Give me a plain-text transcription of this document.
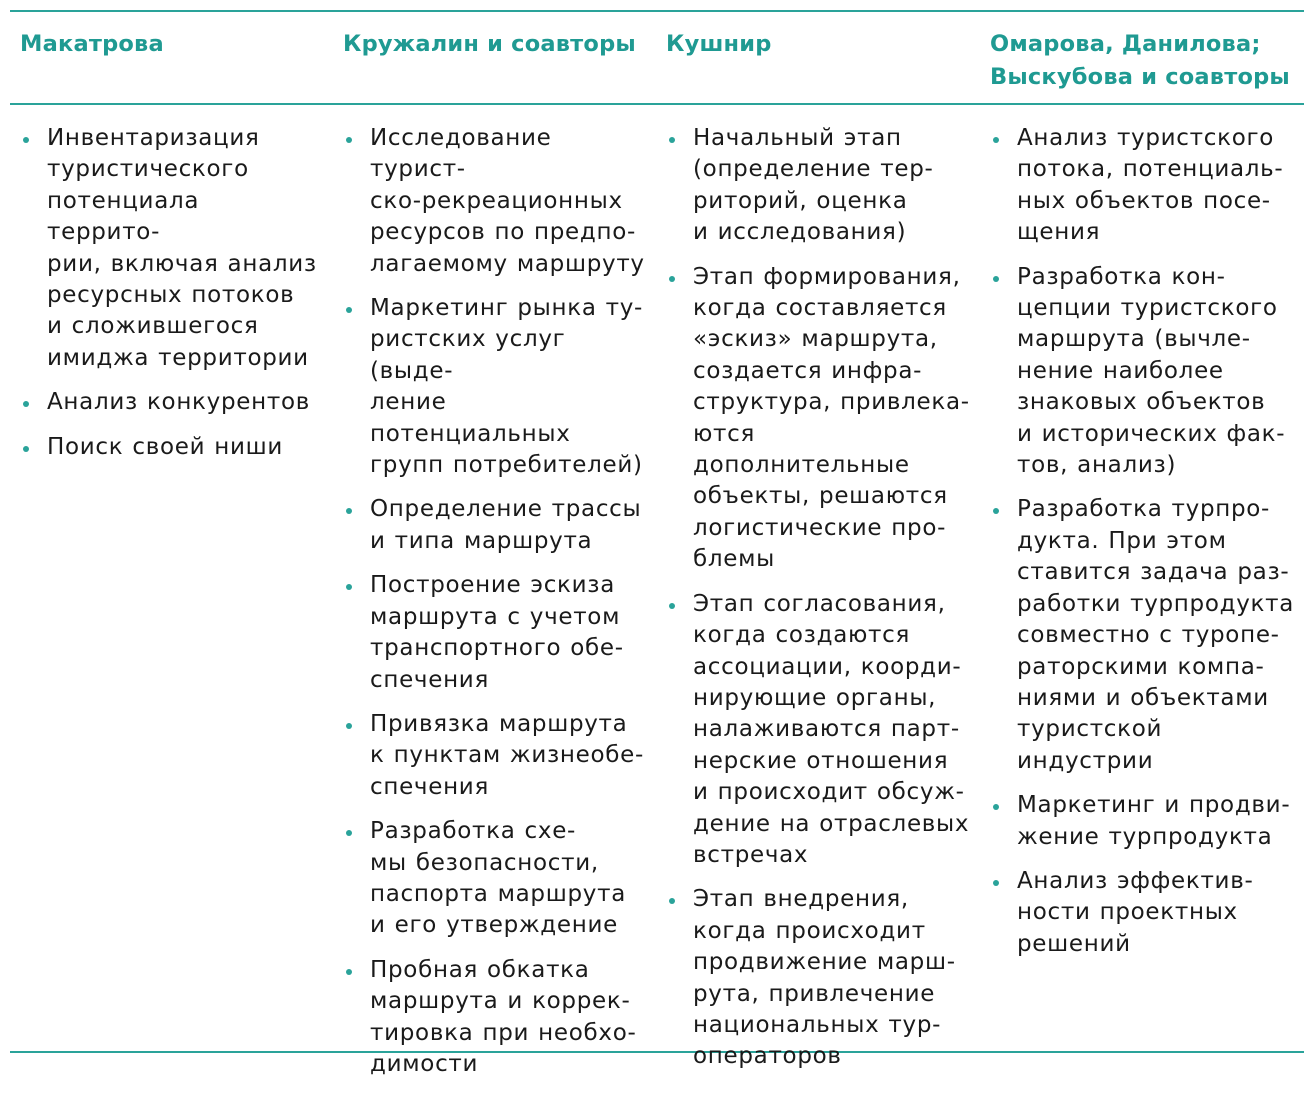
Макатрова
Инвентаризация
туристического
потенциала террито-
рии, включая анализ
ресурсных потоков
и сложившегося
имиджа территории
Анализ конкурентов
Поиск своей ниши
Кружалин и соавторы
Исследование турист-
ско-рекреационных
ресурсов по предпо-
лагаемому маршруту
Маркетинг рынка ту-
ристских услуг (выде-
ление потенциальных
групп потребителей)
Определение трассы
и типа маршрута
Построение эскиза
маршрута с учетом
транспортного обе-
спечения
Привязка маршрута
к пунктам жизнеобе-
спечения
Разработка схе-
мы безопасности,
паспорта маршрута
и его утверждение
Пробная обкатка
маршрута и коррек-
тировка при необхо-
димости
Кушнир
Начальный этап
(определение тер-
риторий, оценка
и исследования)
Этап формирования,
когда составляется
«эскиз» маршрута,
создается инфра-
структура, привлека-
ются дополнительные
объекты, решаются
логистические про-
блемы
Этап согласования,
когда создаются
ассоциации, коорди-
нирующие органы,
налаживаются парт-
нерские отношения
и происходит обсуж-
дение на отраслевых
встречах
Этап внедрения,
когда происходит
продвижение марш-
рута, привлечение
национальных тур-
операторов
Омарова, Данилова;
Выскубова и соавторы
Анализ туристского
потока, потенциаль-
ных объектов посе-
щения
Разработка кон-
цепции туристского
маршрута (вычле-
нение наиболее
знаковых объектов
и исторических фак-
тов, анализ)
Разработка турпро-
дукта. При этом
ставится задача раз-
работки турпродукта
совместно с туропе-
раторскими компа-
ниями и объектами
туристской индустрии
Маркетинг и продви-
жение турпродукта
Анализ эффектив-
ности проектных
решений
